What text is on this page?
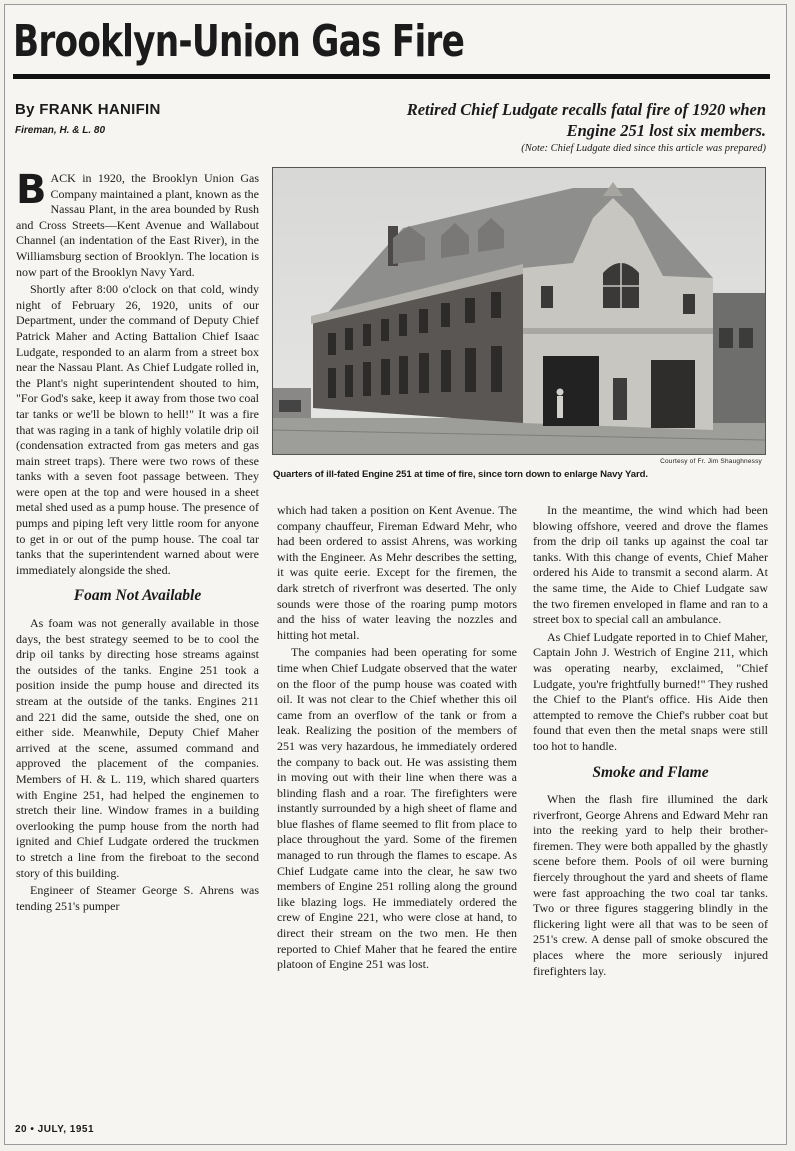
Brooklyn-Union Gas Fire
By FRANK HANIFIN
Fireman, H. & L. 80
Retired Chief Ludgate recalls fatal fire of 1920 when Engine 251 lost six members.
(Note: Chief Ludgate died since this article was prepared)
Courtesy of Fr. Jim Shaughnessy
Quarters of ill-fated Engine 251 at time of fire, since torn down to enlarge Navy Yard.

BACK in 1920, the Brooklyn Union Gas Company maintained a plant, known as the Nassau Plant, in the area bounded by Rush and Cross Streets—Kent Avenue and Wallabout Channel (an indentation of the East River), in the Williamsburg section of Brooklyn. The location is now part of the Brooklyn Navy Yard.

Shortly after 8:00 o'clock on that cold, windy night of February 26, 1920, units of our Department, under the command of Deputy Chief Patrick Maher and Acting Battalion Chief Isaac Ludgate, responded to an alarm from a street box near the Nassau Plant. As Chief Ludgate rolled in, the Plant's night superintendent shouted to him, "For God's sake, keep it away from those two coal tar tanks or we'll be blown to hell!" It was a fire that was raging in a tank of highly volatile drip oil (condensation extracted from gas meters and gas main street traps). There were two rows of these tanks with a seven foot passage between. They were open at the top and were housed in a sheet metal shed used as a pump house. The presence of pumps and piping left very little room for anyone to get in or out of the pump house. The coal tar tanks that the superintendent warned about were immediately alongside the shed.

Foam Not Available

As foam was not generally available in those days, the best strategy seemed to be to cool the drip oil tanks by directing hose streams against the outsides of the tanks. Engine 251 took a position inside the pump house and directed its stream at the outside of the tanks. Engines 211 and 221 did the same, outside the shed, one on either side. Meanwhile, Deputy Chief Maher arrived at the scene, assumed command and approved the placement of the companies. Members of H. & L. 119, which shared quarters with Engine 251, had helped the enginemen to stretch their line. Window frames in a building overlooking the pump house from the north had ignited and Chief Ludgate ordered the truckmen to stretch a line from the fireboat to the second story of this building.

Engineer of Steamer George S. Ahrens was tending 251's pumper

which had taken a position on Kent Avenue. The company chauffeur, Fireman Edward Mehr, who had been ordered to assist Ahrens, was working with the Engineer. As Mehr describes the setting, it was quite eerie. Except for the firemen, the dark stretch of riverfront was deserted. The only sounds were those of the roaring pump motors and the hiss of water leaving the nozzles and hitting hot metal.

The companies had been operating for some time when Chief Ludgate observed that the water on the floor of the pump house was coated with oil. It was not clear to the Chief whether this oil came from an overflow of the tank or from a leak. Realizing the position of the members of 251 was very hazardous, he immediately ordered the company to back out. He was assisting them in moving out with their line when there was a blinding flash and a roar. The firefighters were instantly surrounded by a high sheet of flame and blue flashes of flame seemed to flit from place to place throughout the yard. Some of the firemen managed to run through the flames to escape. As Chief Ludgate came into the clear, he saw two members of Engine 251 rolling along the ground like blazing logs. He immediately ordered the crew of Engine 221, who were close at hand, to direct their stream on the two men. He then reported to Chief Maher that he feared the entire platoon of Engine 251 was lost.

In the meantime, the wind which had been blowing offshore, veered and drove the flames from the drip oil tanks up against the coal tar tanks. With this change of events, Chief Maher ordered his Aide to transmit a second alarm. At the same time, the Aide to Chief Ludgate saw the two firemen enveloped in flame and ran to a street box to special call an ambulance.

As Chief Ludgate reported in to Chief Maher, Captain John J. Westrich of Engine 211, which was operating nearby, exclaimed, "Chief Ludgate, you're frightfully burned!" They rushed the Chief to the Plant's office. His Aide then attempted to remove the Chief's rubber coat but found that even then the metal snaps were still too hot to handle.

Smoke and Flame

When the flash fire illumined the dark riverfront, George Ahrens and Edward Mehr ran into the reeking yard to help their brother-firemen. They were both appalled by the ghastly scene before them. Pools of oil were burning fiercely throughout the yard and sheets of flame were fast approaching the two coal tar tanks. Two or three figures staggering blindly in the flickering light were all that was to be seen of 251's crew. A dense pall of smoke obscured the places where the more seriously injured firefighters lay.

20 • JULY, 1951
